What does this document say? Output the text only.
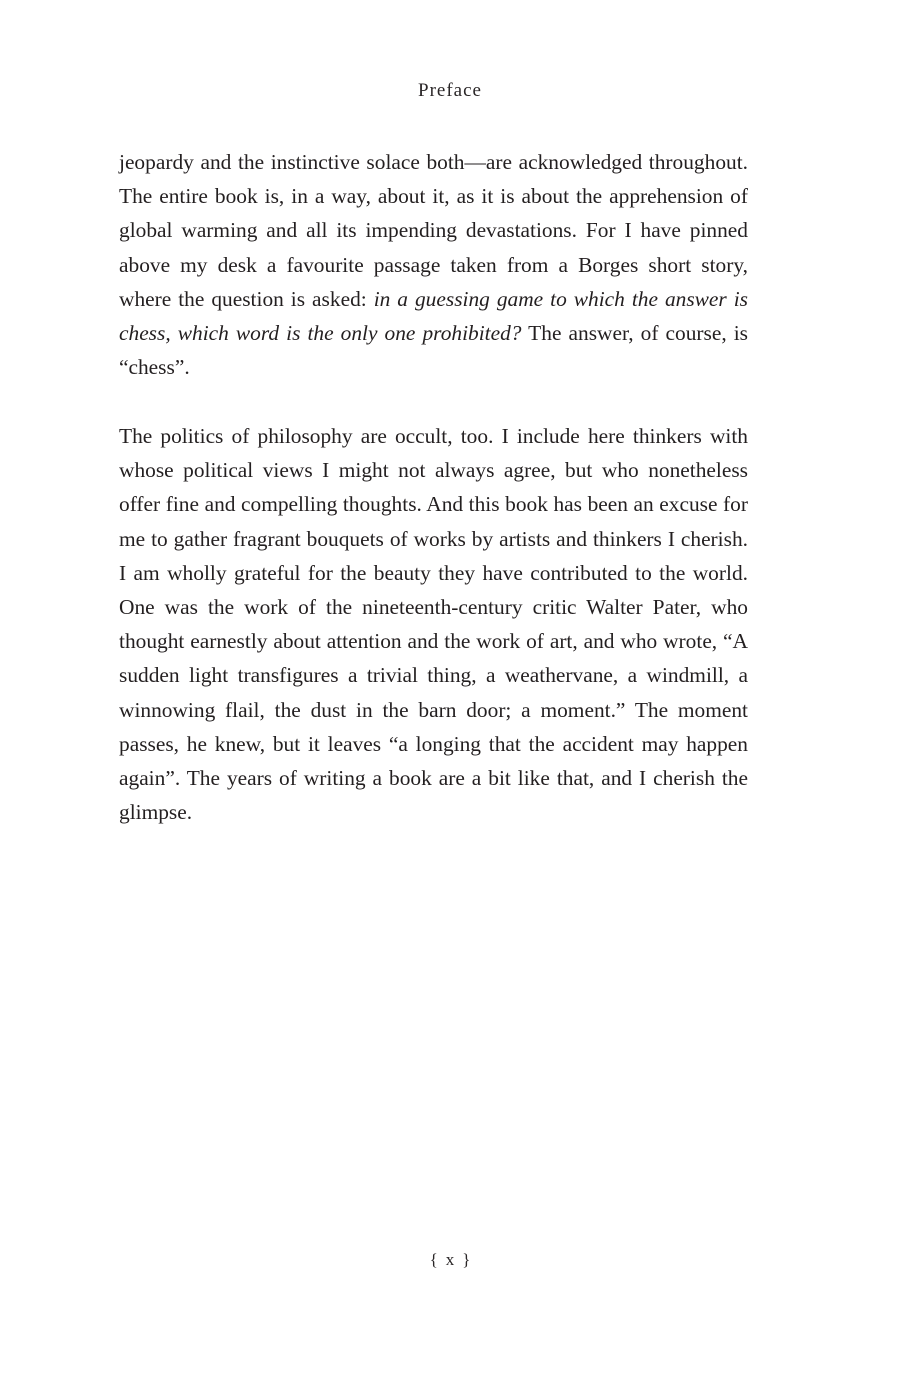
Preface

jeopardy and the instinctive solace both—are acknowledged throughout. The entire book is, in a way, about it, as it is about the apprehension of global warming and all its impending devastations. For I have pinned above my desk a favourite passage taken from a Borges short story, where the question is asked: in a guessing game to which the answer is chess, which word is the only one prohibited? The answer, of course, is “chess”.

The politics of philosophy are occult, too. I include here thinkers with whose political views I might not always agree, but who nonetheless offer fine and compelling thoughts. And this book has been an excuse for me to gather fragrant bouquets of works by artists and thinkers I cherish. I am wholly grateful for the beauty they have contributed to the world. One was the work of the nineteenth-century critic Walter Pater, who thought earnestly about attention and the work of art, and who wrote, “A sudden light transfigures a trivial thing, a weathervane, a windmill, a winnowing flail, the dust in the barn door; a moment.” The moment passes, he knew, but it leaves “a longing that the accident may happen again”. The years of writing a book are a bit like that, and I cherish the glimpse.

{ x }
